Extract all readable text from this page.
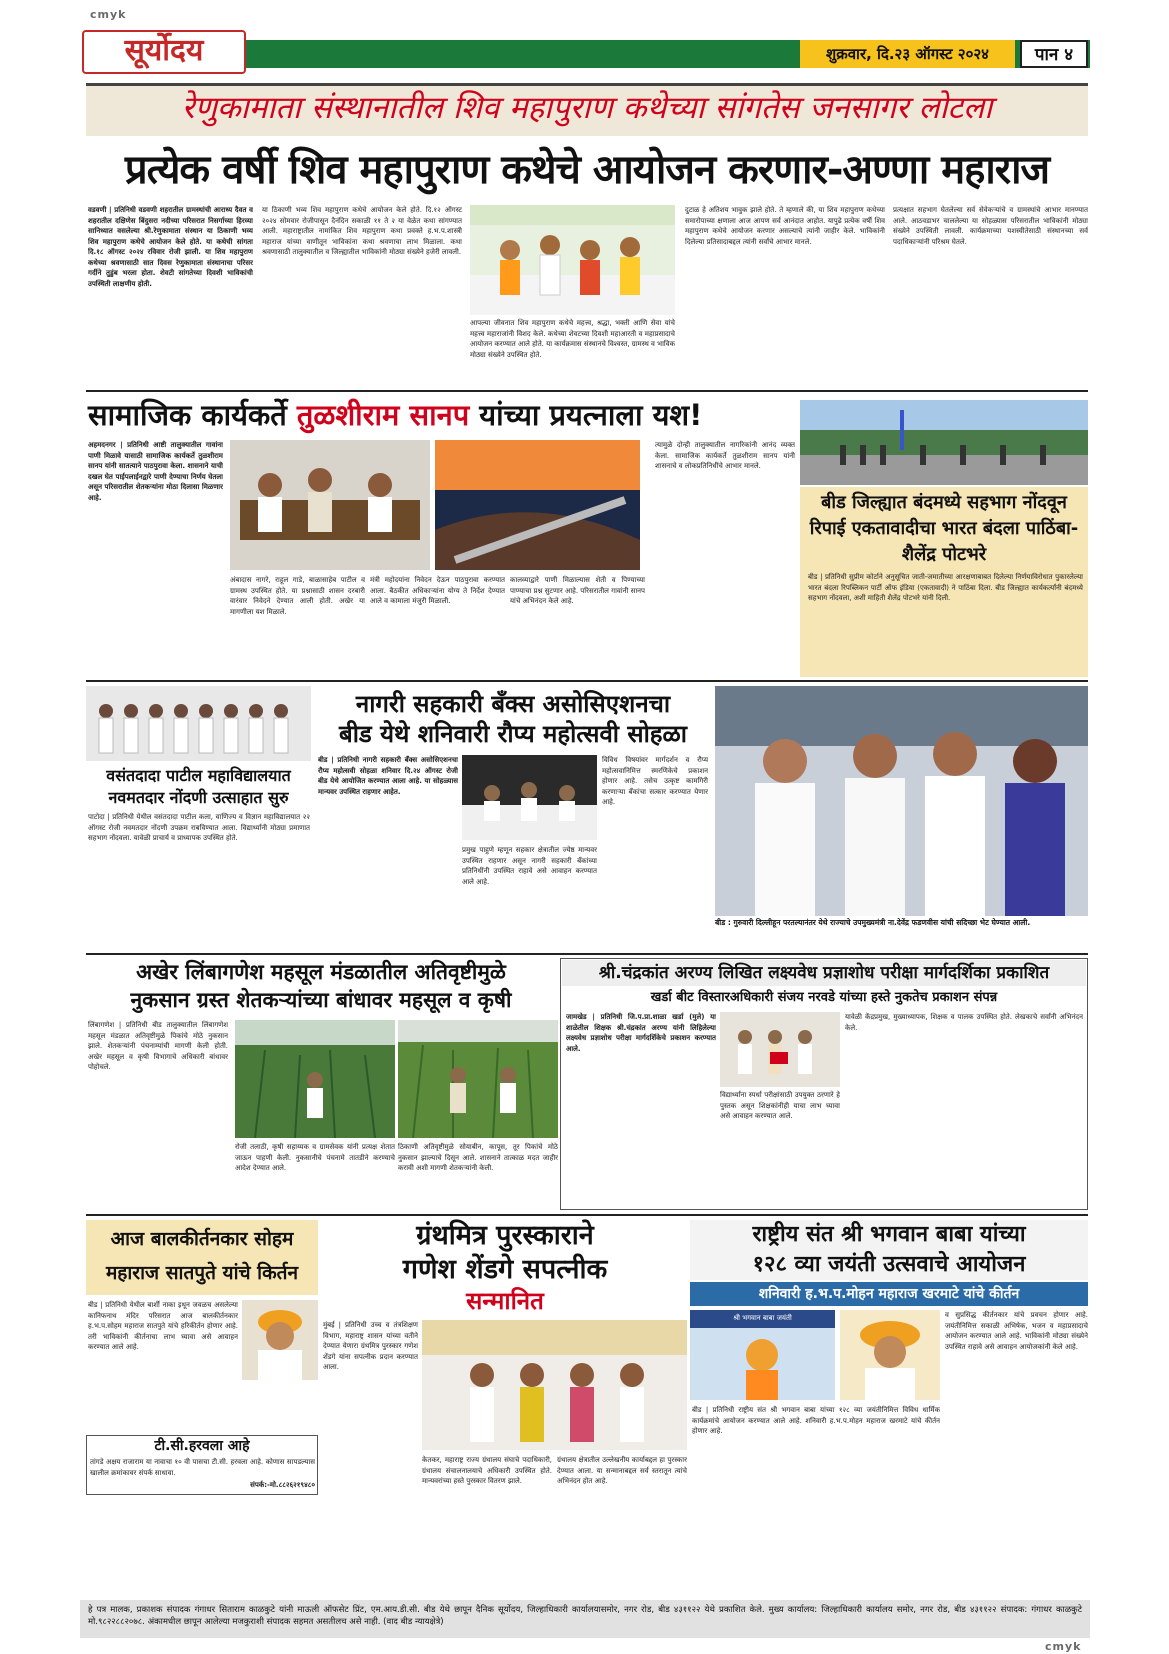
cmyk
cmyk
सूर्योदय	शुक्रवार, दि.२३ ऑगस्ट २०२४	पान ४
रेणुकामाता संस्थानातील शिव महापुराण कथेच्या सांगतेस जनसागर लोटला
प्रत्येक वर्षी शिव महापुराण कथेचे आयोजन करणार-अण्णा महाराज
वडवणी | प्रतिनिधी वडवणी शहरातील ग्रामस्थांची आराध्य दैवत व शहरातील दक्षिणेस बिंदुसरा नदीच्या परिसरात निसर्गाच्या हिरव्या सानिध्यात वसलेल्या श्री.रेणुकामाता संस्थान या ठिकाणी भव्य शिव महापुराण कथेचे आयोजन केले होते. या कथेची सांगता दि.१८ ऑगस्ट २०२४ रविवार रोजी झाली. या शिव महापुराण कथेच्या श्रवणासाठी सात दिवस रेणुकामाता संस्थानाचा परिसर गर्दीने तुडुंब भरला होता. शेवटी सांगतेच्या दिवशी भाविकांची उपस्थिती लाक्षणीय होती.
या ठिकाणी भव्य शिव महापुराण कथेचे आयोजन केले होते. दि.१२ ऑगस्ट २०२४ सोमवार रोजीपासून दैनंदिन सकाळी ११ ते २ या वेळेत कथा सांगण्यात आली. महाराष्ट्रातील नामांकित शिव महापुराण कथा प्रवक्ते ह.भ.प.शास्त्री महाराज यांच्या वाणीतून भाविकांना कथा श्रवणाचा लाभ मिळाला. कथा श्रवणासाठी तालुक्यातील व जिल्ह्यातील भाविकांनी मोठ्या संख्येने हजेरी लावली.
आपल्या जीवनात शिव महापुराण कथेचे महत्त्व, श्रद्धा, भक्ती आणि सेवा यांचे महत्त्व महाराजांनी विशद केले. कथेच्या शेवटच्या दिवशी महाआरती व महाप्रसादाचे आयोजन करण्यात आले होते. या कार्यक्रमास संस्थानचे विश्वस्त, ग्रामस्थ व भाविक मोठ्या संख्येने उपस्थित होते.
दुटाळ हे अतिशय भावुक झाले होते. ते म्हणाले की, या शिव महापुराण कथेच्या समारोपाच्या क्षणाला आज आपण सर्व आनंदात आहोत. यापुढे प्रत्येक वर्षी शिव महापुराण कथेचे आयोजन करणार असल्याचे त्यांनी जाहीर केले. भाविकांनी दिलेल्या प्रतिसादाबद्दल त्यांनी सर्वांचे आभार मानले.
प्रत्यक्षात सहभाग घेतलेल्या सर्व सेवेकऱ्यांचे व ग्रामस्थांचे आभार मानण्यात आले. आठवडाभर चाललेल्या या सोहळ्यास परिसरातील भाविकांनी मोठ्या संख्येने उपस्थिती लावली. कार्यक्रमाच्या यशस्वीतेसाठी संस्थानच्या सर्व पदाधिकाऱ्यांनी परिश्रम घेतले.
सामाजिक कार्यकर्ते तुळशीराम सानप यांच्या प्रयत्नाला यश!
अहमदनगर | प्रतिनिधी आष्टी तालुक्यातील गावांना पाणी मिळावे यासाठी सामाजिक कार्यकर्ते तुळशीराम सानप यांनी सातत्याने पाठपुरावा केला. शासनाने याची दखल घेत पाईपलाईनद्वारे पाणी देण्याचा निर्णय घेतला असून परिसरातील शेतकऱ्यांना मोठा दिलासा मिळणार आहे.
अंबादास नागरे, राहूल गाडे, बाळासाहेब पाटील व ग्रामस्थ उपस्थित होते. या प्रश्नासाठी शासन दरबारी वारंवार निवेदने देण्यात आली होती. अखेर या मागणीला यश मिळाले.
मंत्री महोदयांना निवेदन देऊन पाठपुरावा करण्यात आला. बैठकीत अधिकाऱ्यांना योग्य ते निर्देश देण्यात आले व कामाला मंजुरी मिळाली.
कालव्याद्वारे पाणी मिळाल्यास शेती व पिण्याच्या पाण्याचा प्रश्न सुटणार आहे. परिसरातील गावांनी सानप यांचे अभिनंदन केले आहे.
त्यामुळे दोन्ही तालुक्यातील नागरिकांनी आनंद व्यक्त केला. सामाजिक कार्यकर्ते तुळशीराम सानप यांनी शासनाचे व लोकप्रतिनिधींचे आभार मानले.
बीड जिल्ह्यात बंदमध्ये सहभाग नोंदवून रिपाई एकतावादीचा भारत बंदला पाठिंबा- शैलेंद्र पोटभरे
बीड | प्रतिनिधी सुप्रीम कोर्टाने अनुसूचित जाती-जमातीच्या आरक्षणाबाबत दिलेल्या निर्णयाविरोधात पुकारलेल्या भारत बंदला रिपब्लिकन पार्टी ऑफ इंडिया (एकतावादी) ने पाठिंबा दिला. बीड जिल्ह्यात कार्यकर्त्यांनी बंदमध्ये सहभाग नोंदवला, अशी माहिती शैलेंद्र पोटभरे यांनी दिली.
वसंतदादा पाटील महाविद्यालयात
नवमतदार नोंदणी उत्साहात सुरु
पाटोदा | प्रतिनिधी येथील वसंतदादा पाटील कला, वाणिज्य व विज्ञान महाविद्यालयात २२ ऑगस्ट रोजी नवमतदार नोंदणी उपक्रम राबविण्यात आला. विद्यार्थ्यांनी मोठ्या प्रमाणात सहभाग नोंदवला. यावेळी प्राचार्य व प्राध्यापक उपस्थित होते.
नागरी सहकारी बँक्स असोसिएशनचा
बीड येथे शनिवारी रौप्य महोत्सवी सोहळा
बीड | प्रतिनिधी नागरी सहकारी बँक्स असोसिएशनचा रौप्य महोत्सवी सोहळा शनिवार दि.२४ ऑगस्ट रोजी बीड येथे आयोजित करण्यात आला आहे. या सोहळ्यास मान्यवर उपस्थित राहणार आहेत.
प्रमुख पाहुणे म्हणून सहकार क्षेत्रातील ज्येष्ठ मान्यवर उपस्थित राहणार असून नागरी सहकारी बँकांच्या प्रतिनिधींनी उपस्थित राहावे असे आवाहन करण्यात आले आहे.
विविध विषयांवर मार्गदर्शन व रौप्य महोत्सवानिमित्त स्मरणिकेचे प्रकाशन होणार आहे. तसेच उत्कृष्ट कामगिरी करणाऱ्या बँकांचा सत्कार करण्यात येणार आहे.
बीड : गुरुवारी दिल्लीहून परतल्यानंतर येथे राज्याचे उपमुख्यमंत्री ना.देवेंद्र फडणवीस यांची सदिच्छा भेट घेण्यात आली.
अखेर लिंबागणेश महसूल मंडळातील अतिवृष्टीमुळे
नुकसान ग्रस्त शेतकऱ्यांच्या बांधावर महसूल व कृषी
लिंबागणेश | प्रतिनिधी बीड तालुक्यातील लिंबागणेश महसूल मंडळात अतिवृष्टीमुळे पिकांचे मोठे नुकसान झाले. शेतकऱ्यांनी पंचनाम्यांची मागणी केली होती. अखेर महसूल व कृषी विभागाचे अधिकारी बांधावर पोहोचले.
रोजी तलाठी, कृषी सहाय्यक व ग्रामसेवक यांनी प्रत्यक्ष शेतात जाऊन पाहणी केली. नुकसानीचे पंचनामे तातडीने करण्याचे आदेश देण्यात आले.
ठिकाणी अतिवृष्टीमुळे सोयाबीन, कापूस, तूर पिकांचे मोठे नुकसान झाल्याचे दिसून आले. शासनाने तात्काळ मदत जाहीर करावी अशी मागणी शेतकऱ्यांनी केली.
श्री.चंद्रकांत अरण्य लिखित लक्ष्यवेध प्रज्ञाशोध परीक्षा मार्गदर्शिका प्रकाशित
खर्डा बीट विस्तारअधिकारी संजय नरवडे यांच्या हस्ते नुकतेच प्रकाशन संपन्न
जामखेड | प्रतिनिधी जि.प.प्रा.शाळा खर्डा (मुले) या शाळेतील शिक्षक श्री.चंद्रकांत अरण्य यांनी लिहिलेल्या लक्ष्यवेध प्रज्ञाशोध परीक्षा मार्गदर्शिकेचे प्रकाशन करण्यात आले.
विद्यार्थ्यांना स्पर्धा परीक्षांसाठी उपयुक्त ठरणारे हे पुस्तक असून शिक्षकांनीही याचा लाभ घ्यावा असे आवाहन करण्यात आले.
यावेळी केंद्रप्रमुख, मुख्याध्यापक, शिक्षक व पालक उपस्थित होते. लेखकाचे सर्वांनी अभिनंदन केले.
आज बालकीर्तनकार सोहम
महाराज सातपुते यांचे किर्तन
बीड | प्रतिनिधी येथील बार्शी नाका इथून जवळच असलेल्या कानिफनाथ मंदिर परिसरात आज बालकीर्तनकार ह.भ.प.सोहम महाराज सातपुते यांचे हरिकीर्तन होणार आहे. तरी भाविकांनी कीर्तनाचा लाभ घ्यावा असे आवाहन करण्यात आले आहे.
टी.सी.हरवला आहे
तांगडे अक्षय राजाराम या नावाचा १० वी पासचा टी.सी. हरवला आहे. कोणास सापडल्यास खालील क्रमांकावर संपर्क साधावा.
संपर्क:-मो.८८२६२१९४८०
ग्रंथमित्र पुरस्काराने
गणेश शेंडगे सपत्नीक
सन्मानित
मुंबई | प्रतिनिधी उच्च व तंत्रशिक्षण विभाग, महाराष्ट्र शासन यांच्या वतीने देण्यात येणारा ग्रंथमित्र पुरस्कार गणेश शेंडगे यांना सपत्नीक प्रदान करण्यात आला.
केतकर, महाराष्ट्र राज्य ग्रंथालय संघाचे पदाधिकारी, ग्रंथालय संचालनालयाचे अधिकारी उपस्थित होते. मान्यवरांच्या हस्ते पुरस्कार वितरण झाले.
ग्रंथालय क्षेत्रातील उल्लेखनीय कार्याबद्दल हा पुरस्कार देण्यात आला. या सन्मानाबद्दल सर्व स्तरातून त्यांचे अभिनंदन होत आहे.
राष्ट्रीय संत श्री भगवान बाबा यांच्या
१२८ व्या जयंती उत्सवाचे आयोजन
शनिवारी ह.भ.प.मोहन महाराज खरमाटे यांचे कीर्तन
श्री भगवान बाबा जयंती	व सुप्रसिद्ध कीर्तनकार यांचे प्रवचन होणार आहे. जयंतीनिमित्त सकाळी अभिषेक, भजन व महाप्रसादाचे आयोजन करण्यात आले आहे. भाविकांनी मोठ्या संख्येने उपस्थित राहावे असे आवाहन आयोजकांनी केले आहे.
बीड | प्रतिनिधी राष्ट्रीय संत श्री भगवान बाबा यांच्या १२८ व्या जयंतीनिमित्त विविध धार्मिक कार्यक्रमांचे आयोजन करण्यात आले आहे. शनिवारी ह.भ.प.मोहन महाराज खरमाटे यांचे कीर्तन होणार आहे.
हे पत्र मालक, प्रकाशक संपादक गंगाधर सिताराम काळकुटे यांनी माऊली ऑफसेट प्रिंट, एम.आय.डी.सी. बीड येथे छापून दैनिक सूर्योदय, जिल्हाधिकारी कार्यालयासमोर, नगर रोड, बीड ४३११२२ येथे प्रकाशित केले. मुख्य कार्यालय: जिल्हाधिकारी कार्यालय समोर, नगर रोड, बीड ४३११२२ संपादक: गंगाधर काळकुटे मो.९८२२८८२०७८. अंकामधील छापून आलेल्या मजकुराशी संपादक सहमत असतीलच असे नाही. (वाद बीड न्यायक्षेत्रे)
